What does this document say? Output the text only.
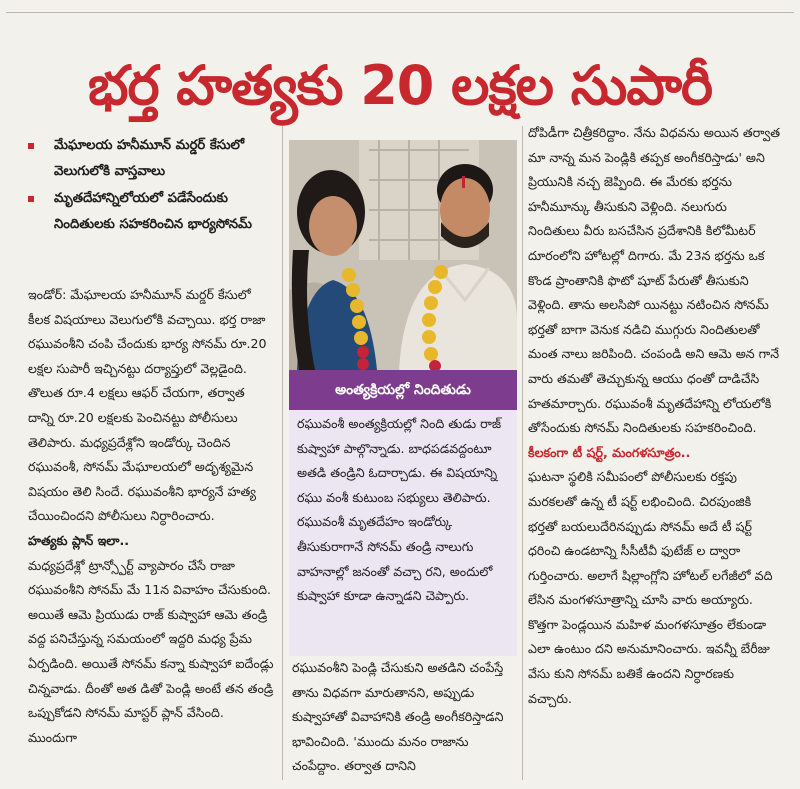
భర్త హత్యకు 20 లక్షల సుపారీ
మేఘాలయ హనీమూన్ మర్డర్ కేసులో వెలుగులోకి వాస్తవాలు
మృతదేహాన్నిలోయలో పడేసేందుకు నిందితులకు సహకరించిన భార్యసోనమ్

ఇండోర్: మేఘాలయ హనీమూన్ మర్డర్ కేసులో కీలక విషయాలు వెలుగులోకి వచ్చాయి. భర్త రాజా రఘువంశీని చంపి చేందుకు భార్య సోనమ్ రూ.20 లక్షల సుపారీ ఇచ్చినట్టు దర్యాప్తులో వెల్లడైంది. తొలుత రూ.4 లక్షలు ఆఫర్ చేయగా, తర్వాత దాన్ని రూ.20 లక్షలకు పెంచినట్టు పోలీసులు తెలిపారు. మధ్యప్రదేశ్లోని ఇండోర్కు చెందిన రఘువంశీ, సోనమ్ మేఘాలయలో అదృశ్యమైన విషయం తెలి సిందే. రఘువంశీని భార్యనే హత్య చేయించిందని పోలీసులు నిర్ధారించారు.

హత్యకు ప్లాన్ ఇలా..

మధ్యప్రదేశ్లో ట్రాన్స్పోర్ట్ వ్యాపారం చేసే రాజా రఘువంశీని సోనమ్ మే 11న వివాహం చేసుకుంది. అయితే ఆమె ప్రియుడు రాజ్ కుష్వాహా ఆమె తండ్రి వద్ద పనిచేస్తున్న సమయంలో ఇద్దరి మధ్య ప్రేమ ఏర్పడింది. అయితే సోనమ్ కన్నా కుష్వాహా ఐదేండ్లు చిన్నవాడు. దీంతో అత డితో పెండ్లి అంటే తన తండ్రి ఒప్పుకోడని సోనమ్ మాస్టర్ ప్లాన్ వేసింది. ముందుగా

అంత్యక్రియల్లో నిందితుడు

రఘువంశీ అంత్యక్రియల్లో నింది తుడు రాజ్ కుష్వాహా పాల్గొన్నాడు. బాధపడవద్దంటూ అతడి తండ్రిని ఓదార్చాడు. ఈ విషయాన్ని రఘు వంశీ కుటుంబ సభ్యులు తెలిపారు. రఘువంశీ మృతదేహం ఇండోర్కు తీసుకురాగానే సోనమ్ తండ్రి నాలుగు వాహనాల్లో జనంతో వచ్చా రని, అందులో కుష్వాహా కూడా ఉన్నాడని చెప్పారు.

రఘువంశీని పెండ్లి చేసుకుని అతడిని చంపేస్తే తాను విధవగా మారుతానని, అప్పుడు కుష్వాహాతో వివాహానికి తండ్రి అంగీకరిస్తాడని భావించింది. 'ముందు మనం రాజాను చంపేద్దాం. తర్వాత దానిని

దోపిడీగా చిత్రీకరిద్దాం. నేను విధవను అయిన తర్వాత మా నాన్న మన పెండ్లికి తప్పక అంగీకరిస్తాడు' అని ప్రియునికి నచ్చ జెప్పింది. ఈ మేరకు భర్తను హనీమూన్కు తీసుకుని వెళ్లింది. నలుగురు నిందితులు వీరు బసచేసిన ప్రదేశానికి కిలోమీటర్ దూరంలోని హోటల్లో దిగారు. మే 23న భర్తను ఒక కొండ ప్రాంతానికి ఫొటో షూట్ పేరుతో తీసుకుని వెళ్లింది. తాను అలసిపో యినట్టు నటించిన సోనమ్ భర్తతో బాగా వెనుక నడిచి ముగ్గురు నిందితులతో మంత నాలు జరిపింది. చంపండి అని ఆమె అన గానే వారు తమతో తెచ్చుకున్న ఆయు ధంతో దాడిచేసి హతమార్చారు. రఘువంశీ మృతదేహాన్ని లోయలోకి తోసేందుకు సోనమ్ నిందితులకు సహకరించింది.

కీలకంగా టీ షర్ట్, మంగళసూత్రం..

ఘటనా స్థలికి సమీపంలో పోలీసులకు రక్తపు మరకలతో ఉన్న టీ షర్ట్ లభించింది. చిరపుంజికి భర్తతో బయలుదేరినప్పుడు సోనమ్ అదే టీ షర్ట్ ధరించి ఉండటాన్ని సీసీటీవీ ఫుటేజ్ ల ద్వారా గుర్తించారు. అలాగే షిల్లాంగ్లోని హోటల్ లగేజీలో వది లేసిన మంగళసూత్రాన్ని చూసి వారు అయ్యారు. కొత్తగా పెండ్లయిన మహిళ మంగళసూత్రం లేకుండా ఎలా ఉంటుం దని అనుమానించారు. ఇవన్నీ బేరీజు వేసు కుని సోనమ్ బతికే ఉందని నిర్ధారణకు వచ్చారు.
